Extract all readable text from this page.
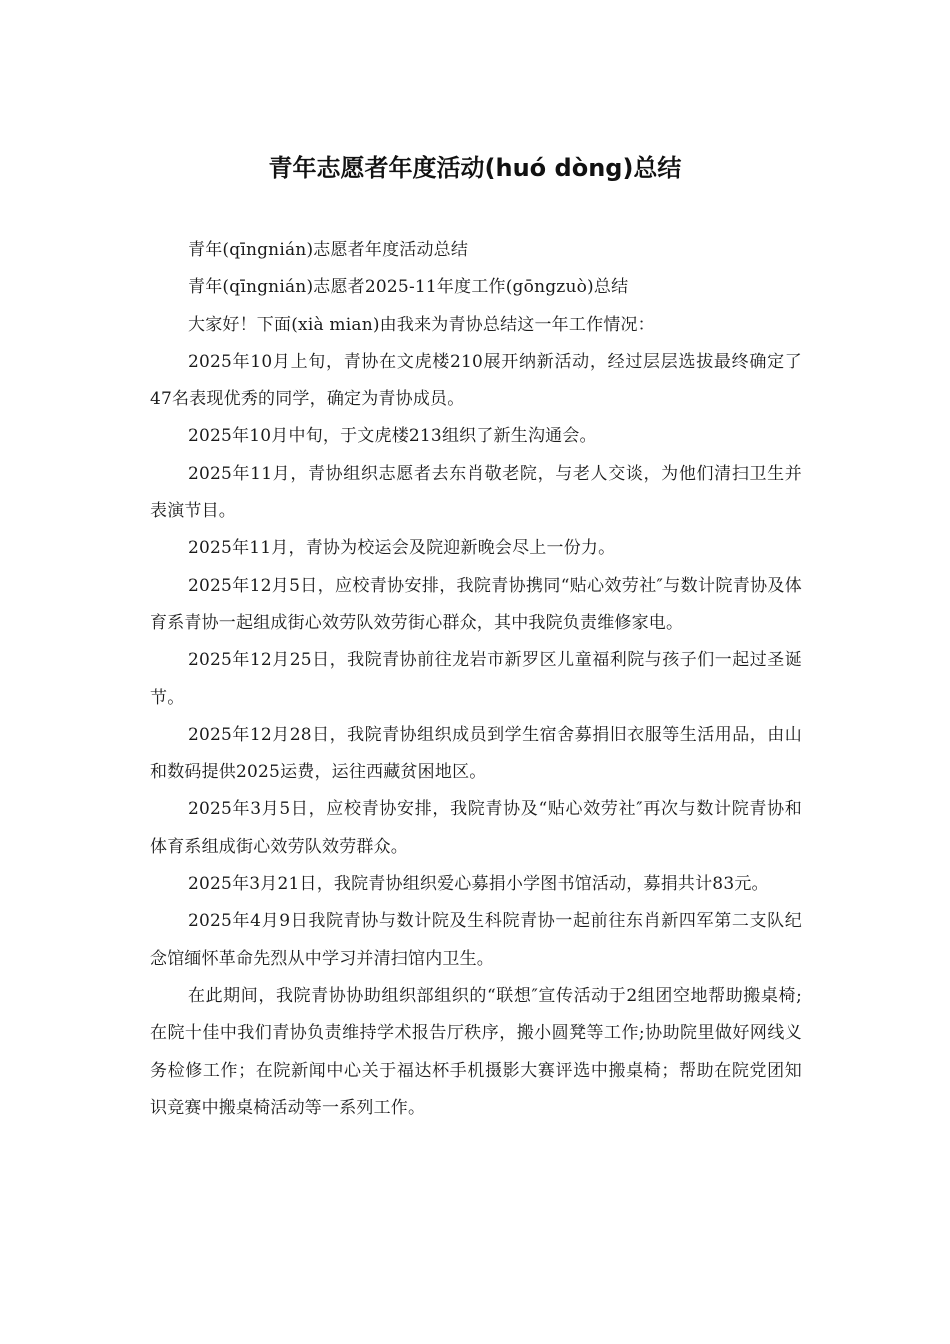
青年志愿者年度活动(huó dòng)总结

青年(qīngnián)志愿者年度活动总结

青年(qīngnián)志愿者2025-11年度工作(gōngzuò)总结

大家好！下面(xià mian)由我来为青协总结这一年工作情况：

2025年10月上旬，青协在文虎楼210展开纳新活动，经过层层选拔最终确定了47名表现优秀的同学，确定为青协成员。

2025年10月中旬，于文虎楼213组织了新生沟通会。

2025年11月，青协组织志愿者去东肖敬老院，与老人交谈，为他们清扫卫生并表演节目。

2025年11月，青协为校运会及院迎新晚会尽上一份力。

2025年12月5日，应校青协安排，我院青协携同“贴心效劳社″与数计院青协及体育系青协一起组成街心效劳队效劳街心群众，其中我院负责维修家电。

2025年12月25日，我院青协前往龙岩市新罗区儿童福利院与孩子们一起过圣诞节。

2025年12月28日，我院青协组织成员到学生宿舍募捐旧衣服等生活用品，由山和数码提供2025运费，运往西藏贫困地区。

2025年3月5日，应校青协安排，我院青协及“贴心效劳社″再次与数计院青协和体育系组成街心效劳队效劳群众。

2025年3月21日，我院青协组织爱心募捐小学图书馆活动，募捐共计83元。

2025年4月9日我院青协与数计院及生科院青协一起前往东肖新四军第二支队纪念馆缅怀革命先烈从中学习并清扫馆内卫生。

在此期间，我院青协协助组织部组织的“联想″宣传活动于2组团空地帮助搬桌椅;在院十佳中我们青协负责维持学术报告厅秩序，搬小圆凳等工作;协助院里做好网线义务检修工作；在院新闻中心关于福达杯手机摄影大赛评选中搬桌椅；帮助在院党团知识竞赛中搬桌椅活动等一系列工作。
